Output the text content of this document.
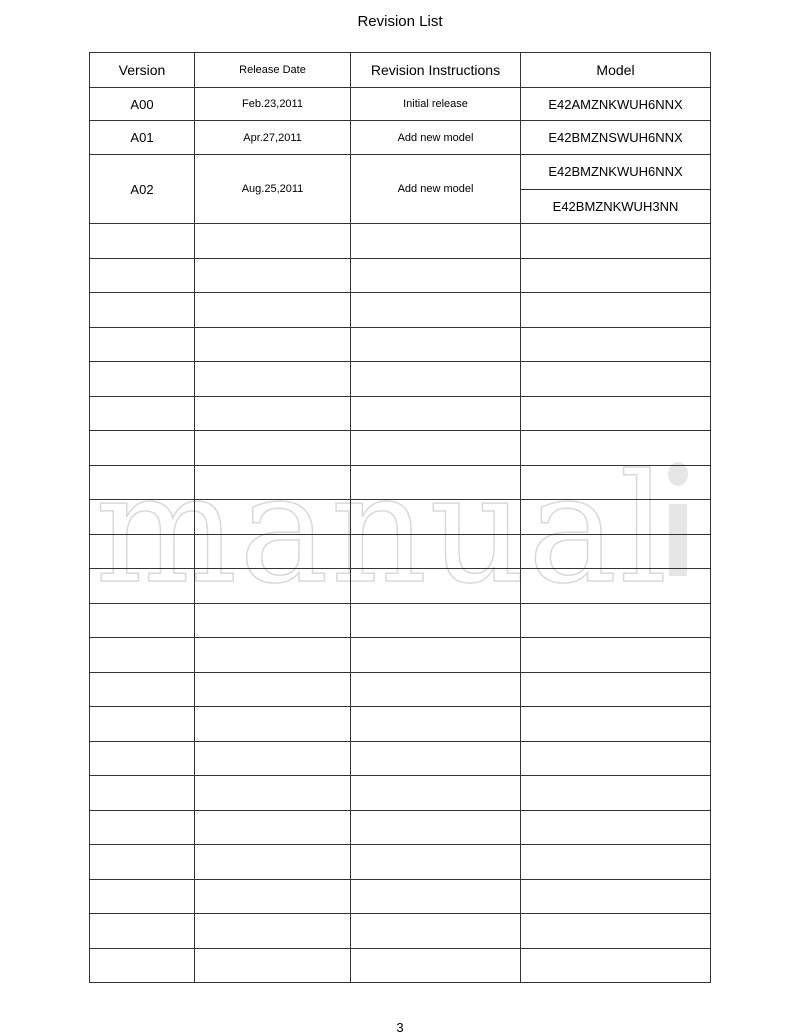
Revision List
manual
Version	Release Date	Revision Instructions	Model
A00	Feb.23,2011	Initial release	E42AMZNKWUH6NNX
A01	Apr.27,2011	Add new model	E42BMZNSWUH6NNX
A02	Aug.25,2011	Add new model	E42BMZNKWUH6NNX
			E42BMZNKWUH3NN

3
